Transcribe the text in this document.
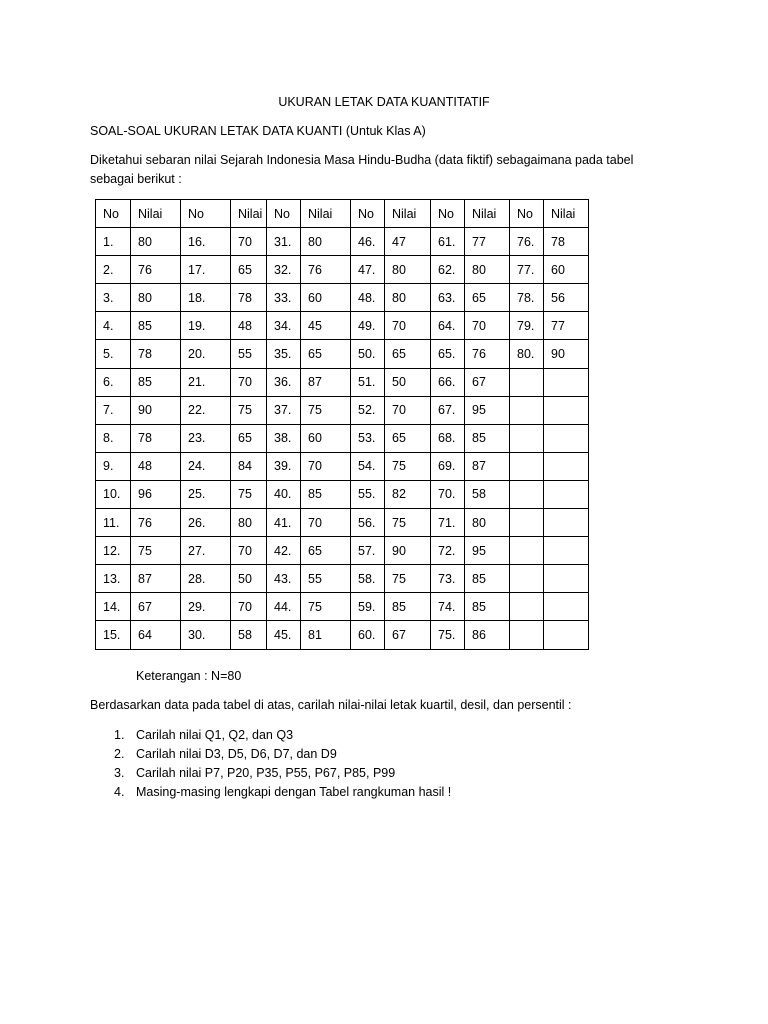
UKURAN LETAK DATA KUANTITATIF
SOAL-SOAL UKURAN LETAK DATA KUANTI (Untuk Klas A)
Diketahui sebaran nilai Sejarah Indonesia Masa Hindu-Budha (data fiktif) sebagaimana pada tabel sebagai berikut :
No	Nilai	No	Nilai	No	Nilai	No	Nilai	No	Nilai	No	Nilai
1.	80	16.	70	31.	80	46.	47	61.	77	76.	78
2.	76	17.	65	32.	76	47.	80	62.	80	77.	60
3.	80	18.	78	33.	60	48.	80	63.	65	78.	56
4.	85	19.	48	34.	45	49.	70	64.	70	79.	77
5.	78	20.	55	35.	65	50.	65	65.	76	80.	90
6.	85	21.	70	36.	87	51.	50	66.	67		
7.	90	22.	75	37.	75	52.	70	67.	95		
8.	78	23.	65	38.	60	53.	65	68.	85		
9.	48	24.	84	39.	70	54.	75	69.	87		
10.	96	25.	75	40.	85	55.	82	70.	58		
11.	76	26.	80	41.	70	56.	75	71.	80		
12.	75	27.	70	42.	65	57.	90	72.	95		
13.	87	28.	50	43.	55	58.	75	73.	85		
14.	67	29.	70	44.	75	59.	85	74.	85		
15.	64	30.	58	45.	81	60.	67	75.	86		
Keterangan : N=80
Berdasarkan data pada tabel di atas, carilah nilai-nilai letak kuartil, desil, dan persentil :
1. Carilah nilai Q1, Q2, dan Q3
2. Carilah nilai D3, D5, D6, D7, dan D9
3. Carilah nilai P7, P20, P35, P55, P67, P85, P99
4. Masing-masing lengkapi dengan Tabel rangkuman hasil !
